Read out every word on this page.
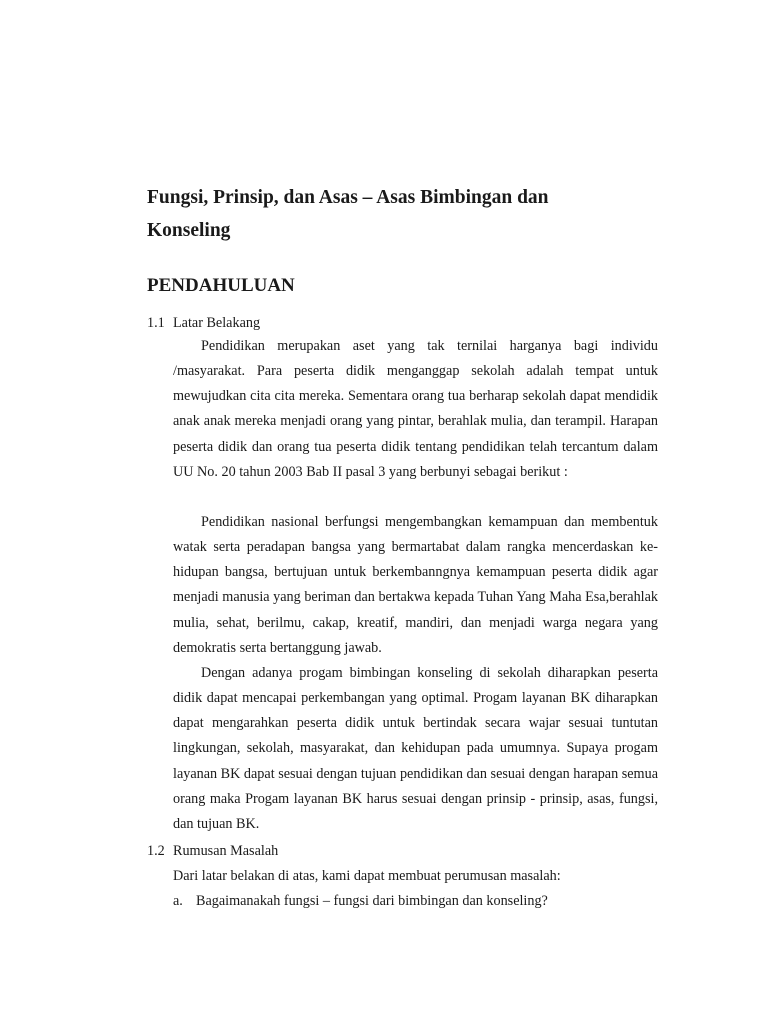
Fungsi, Prinsip, dan Asas – Asas Bimbingan dan Konseling
PENDAHULUAN
1.1 Latar Belakang

Pendidikan merupakan aset yang tak ternilai harganya bagi individu /masyarakat. Para peserta didik menganggap sekolah adalah tempat untuk mewujudkan cita cita mereka. Sementara orang tua berharap sekolah dapat mendidik anak anak mereka menjadi orang yang pintar, berahlak mulia, dan terampil. Harapan peserta didik dan orang tua peserta didik tentang pendidikan telah tercantum dalam UU No. 20 tahun 2003 Bab II pasal 3 yang berbunyi sebagai berikut :

Pendidikan nasional berfungsi mengembangkan kemampuan dan membentuk watak serta peradapan bangsa yang bermartabat dalam rangka mencerdaskan ke-hidupan bangsa, bertujuan untuk berkembanngnya kemampuan peserta didik agar menjadi manusia yang beriman dan bertakwa kepada Tuhan Yang Maha Esa,berahlak mulia, sehat, berilmu, cakap, kreatif, mandiri, dan menjadi warga negara yang demokratis serta bertanggung jawab.

Dengan adanya progam bimbingan konseling di sekolah diharapkan peserta didik dapat mencapai perkembangan yang optimal. Progam layanan BK diharapkan dapat mengarahkan peserta didik untuk bertindak secara wajar sesuai tuntutan lingkungan, sekolah, masyarakat, dan kehidupan pada umumnya. Supaya progam layanan BK dapat sesuai dengan tujuan pendidikan dan sesuai dengan harapan semua orang maka Progam layanan BK harus sesuai dengan prinsip - prinsip, asas, fungsi, dan tujuan BK.

1.2 Rumusan Masalah
Dari latar belakan di atas, kami dapat membuat perumusan masalah:
a. Bagaimanakah fungsi – fungsi dari bimbingan dan konseling?
